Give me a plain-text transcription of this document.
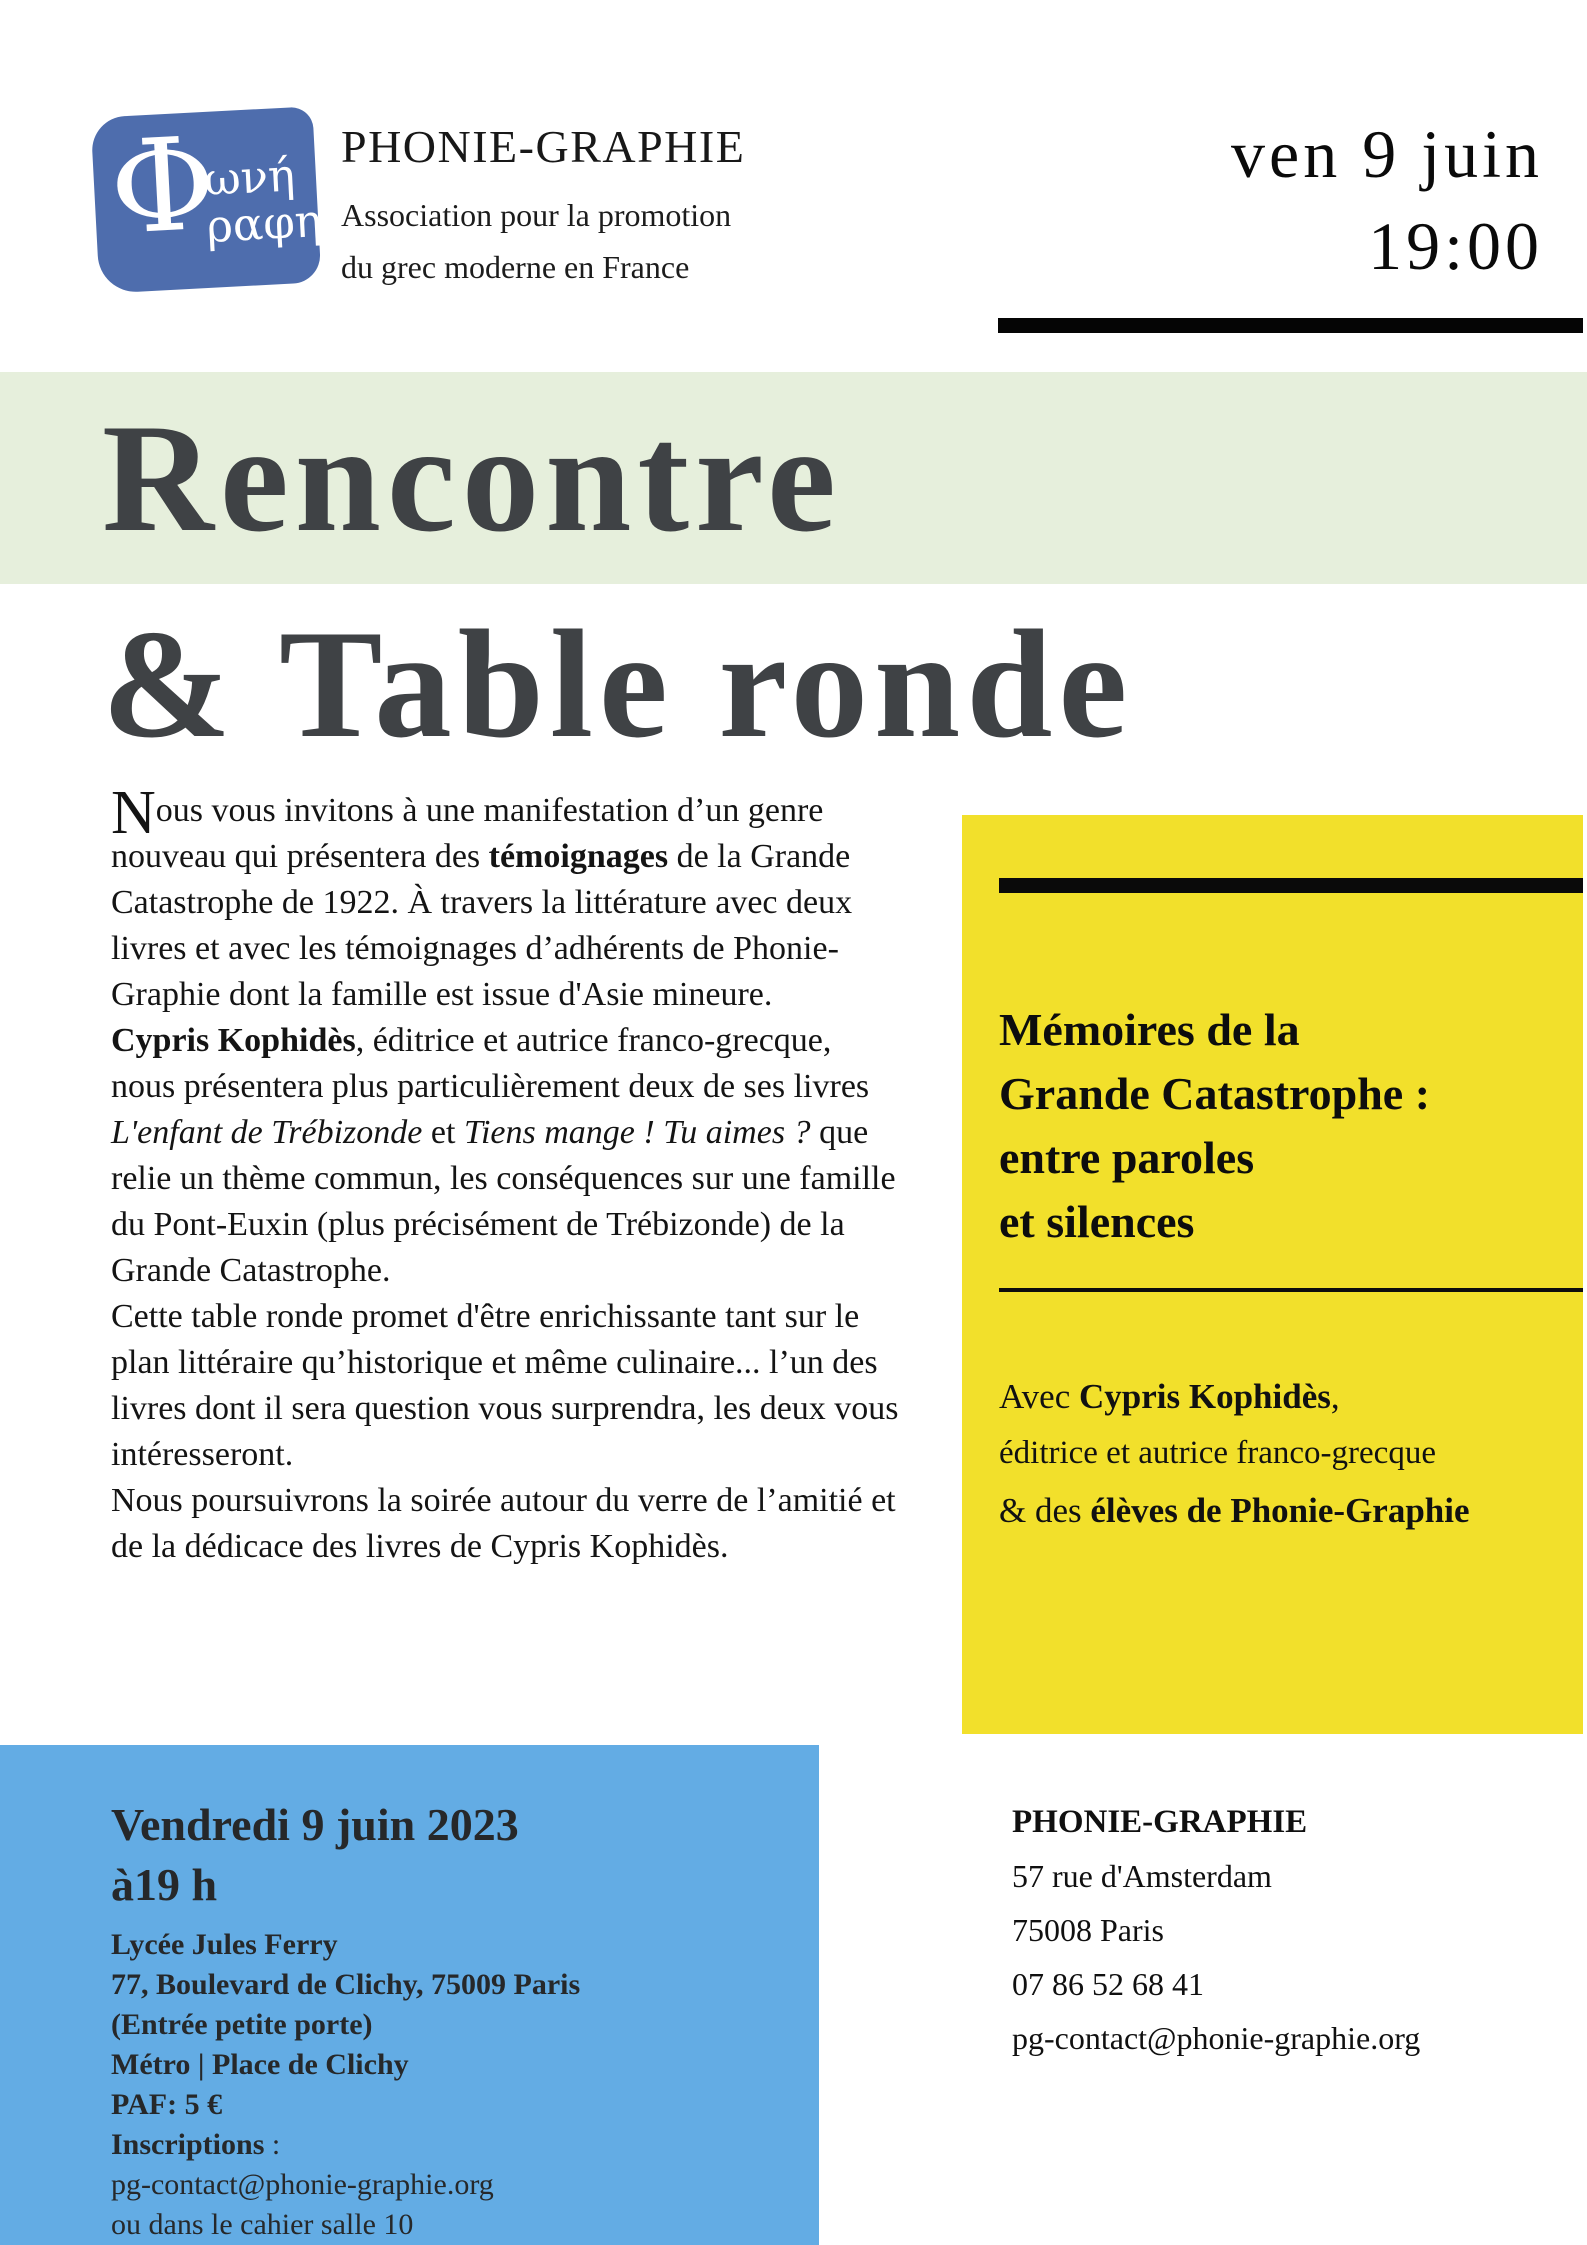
Φ
ωνή
ραφη
PHONIE-GRAPHIE
Association pour la promotion
du grec moderne en France
ven 9 juin
19:00
Rencontre
& Table ronde

Nous vous invitons à une manifestation d’un genre nouveau qui présentera des témoignages de la Grande Catastrophe de 1922. À travers la littérature avec deux livres et avec les témoignages d’adhérents de Phonie-Graphie dont la famille est issue d'Asie mineure.

Cypris Kophidès, éditrice et autrice franco-grecque, nous présentera plus particulièrement deux de ses livres L'enfant de Trébizonde et Tiens mange ! Tu aimes ? que relie un thème commun, les conséquences sur une famille du Pont-Euxin (plus précisément de Trébizonde) de la Grande Catastrophe.

Cette table ronde promet d'être enrichissante tant sur le plan littéraire qu’historique et même culinaire... l’un des livres dont il sera question vous surprendra, les deux vous intéresseront.

Nous poursuivrons la soirée autour du verre de l’amitié et de la dédicace des livres de Cypris Kophidès.

Mémoires de la
Grande Catastrophe :
entre paroles
et silences
Avec Cypris Kophidès,
éditrice et autrice franco-grecque
& des élèves de Phonie-Graphie
Vendredi 9 juin 2023
à19 h
Lycée Jules Ferry
77, Boulevard de Clichy, 75009 Paris
(Entrée petite porte)
Métro | Place de Clichy
PAF: 5 €
Inscriptions :
pg-contact@phonie-graphie.org
ou dans le cahier salle 10
PHONIE-GRAPHIE
57 rue d'Amsterdam
75008 Paris
07 86 52 68 41
pg-contact@phonie-graphie.org
